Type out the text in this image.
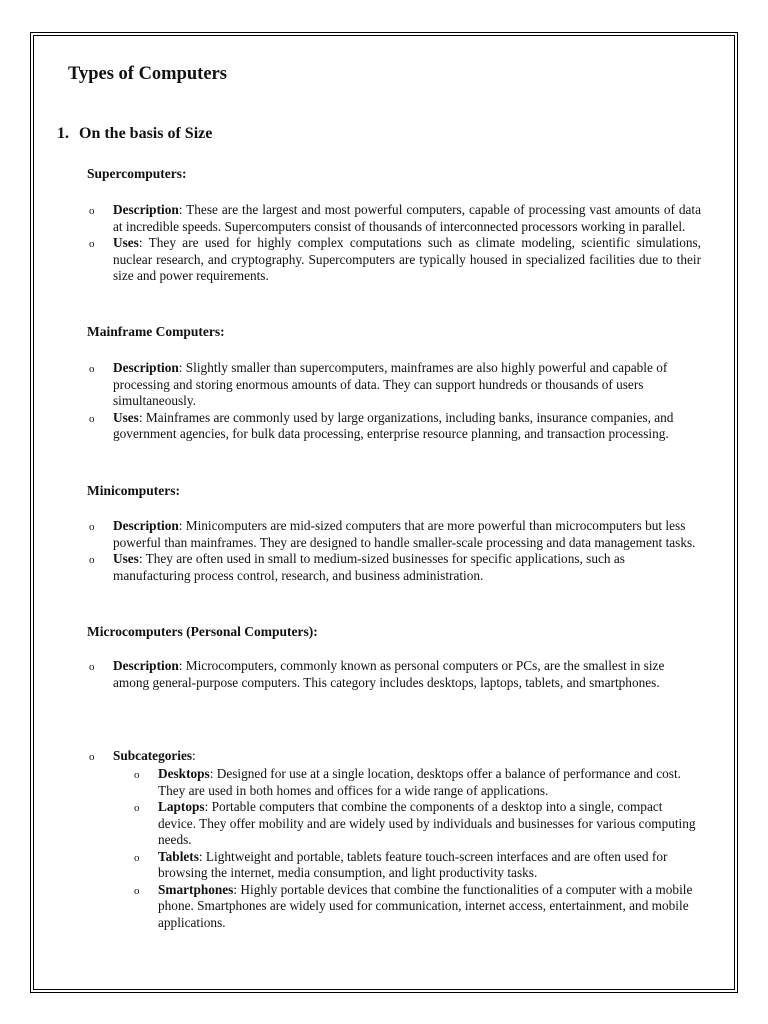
Types of Computers
1. On the basis of Size
Supercomputers:
o Description: These are the largest and most powerful computers, capable of processing vast amounts of data at incredible speeds. Supercomputers consist of thousands of interconnected processors working in parallel.
o Uses: They are used for highly complex computations such as climate modeling, scientific simulations, nuclear research, and cryptography. Supercomputers are typically housed in specialized facilities due to their size and power requirements.
Mainframe Computers:
o Description: Slightly smaller than supercomputers, mainframes are also highly powerful and capable of processing and storing enormous amounts of data. They can support hundreds or thousands of users simultaneously.
o Uses: Mainframes are commonly used by large organizations, including banks, insurance companies, and government agencies, for bulk data processing, enterprise resource planning, and transaction processing.
Minicomputers:
o Description: Minicomputers are mid-sized computers that are more powerful than microcomputers but less powerful than mainframes. They are designed to handle smaller-scale processing and data management tasks.
o Uses: They are often used in small to medium-sized businesses for specific applications, such as manufacturing process control, research, and business administration.
Microcomputers (Personal Computers):
o Description: Microcomputers, commonly known as personal computers or PCs, are the smallest in size among general-purpose computers. This category includes desktops, laptops, tablets, and smartphones.
o Subcategories:
o Desktops: Designed for use at a single location, desktops offer a balance of performance and cost. They are used in both homes and offices for a wide range of applications.
o Laptops: Portable computers that combine the components of a desktop into a single, compact device. They offer mobility and are widely used by individuals and businesses for various computing needs.
o Tablets: Lightweight and portable, tablets feature touch-screen interfaces and are often used for browsing the internet, media consumption, and light productivity tasks.
o Smartphones: Highly portable devices that combine the functionalities of a computer with a mobile phone. Smartphones are widely used for communication, internet access, entertainment, and mobile applications.
